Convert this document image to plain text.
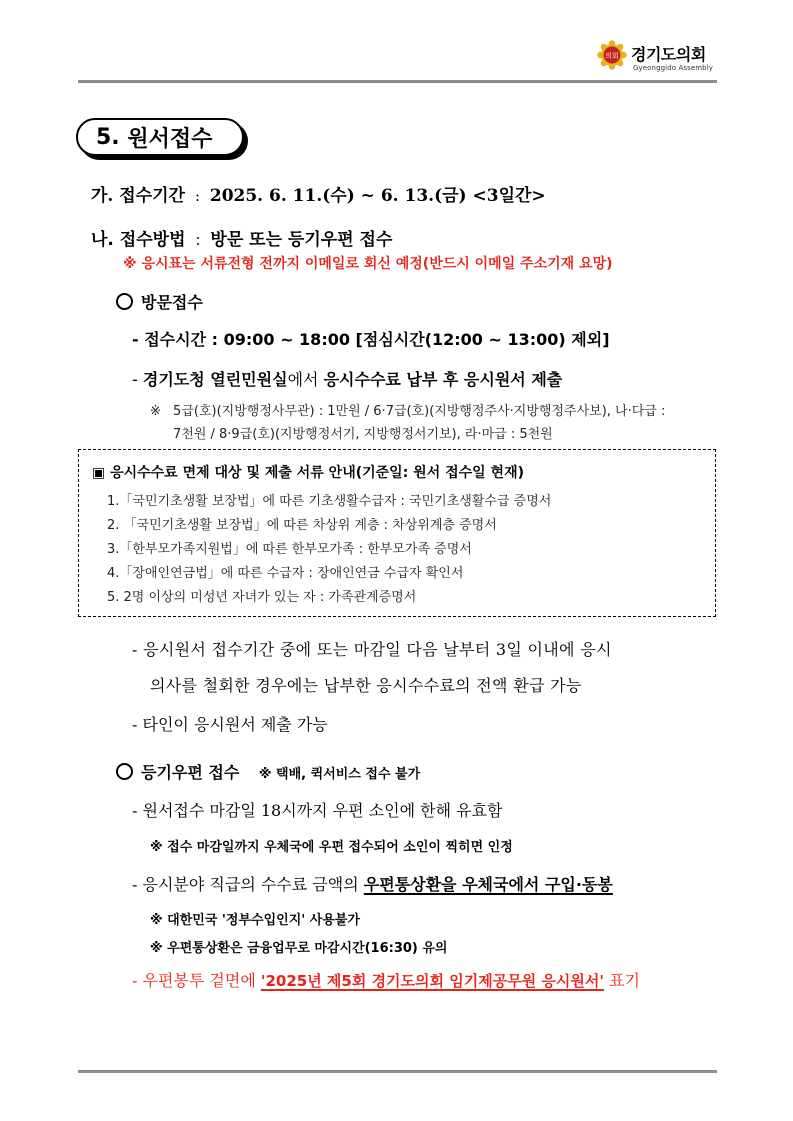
의회 경기도의회
Gyeonggido Assembly
5.
원서접수
가. 접수기간 : 2025. 6. 11.(수) ~ 6. 13.(금) <3일간>
나. 접수방법 : 방문 또는 등기우편 접수
※ 응시표는 서류전형 전까지 이메일로 회신 예정(반드시 이메일 주소기재 요망)
방문접수
- 접수시간 : 09:00 ~ 18:00 [점심시간(12:00 ~ 13:00) 제외]
- 경기도청 열린민원실에서 응시수수료 납부 후 응시원서 제출
※ 5급(호)(지방행정사무관) : 1만원 / 6·7급(호)(지방행정주사·지방행정주사보), 나·다급 :
7천원 / 8·9급(호)(지방행정서기, 지방행정서기보), 라·마급 : 5천원
▣ 응시수수료 면제 대상 및 제출 서류 안내(기준일: 원서 접수일 현재)
1.「국민기초생활 보장법」에 따른 기초생활수급자 : 국민기초생활수급 증명서
2. 「국민기초생활 보장법」에 따른 차상위 계층 : 차상위계층 증명서
3.「한부모가족지원법」에 따른 한부모가족 : 한부모가족 증명서
4.「장애인연금법」에 따른 수급자 : 장애인연금 수급자 확인서
5. 2명 이상의 미성년 자녀가 있는 자 : 가족관계증명서
- 응시원서 접수기간 중에 또는 마감일 다음 날부터 3일 이내에 응시
의사를 철회한 경우에는 납부한 응시수수료의 전액 환급 가능
- 타인이 응시원서 제출 가능
등기우편 접수 ※ 택배, 퀵서비스 접수 불가
- 원서접수 마감일 18시까지 우편 소인에 한해 유효함
※ 접수 마감일까지 우체국에 우편 접수되어 소인이 찍히면 인정
- 응시분야 직급의 수수료 금액의 우편통상환을 우체국에서 구입·동봉
※ 대한민국 '정부수입인지' 사용불가
※ 우편통상환은 금융업무로 마감시간(16:30) 유의
- 우편봉투 겉면에 '2025년 제5회 경기도의회 임기제공무원 응시원서' 표기
